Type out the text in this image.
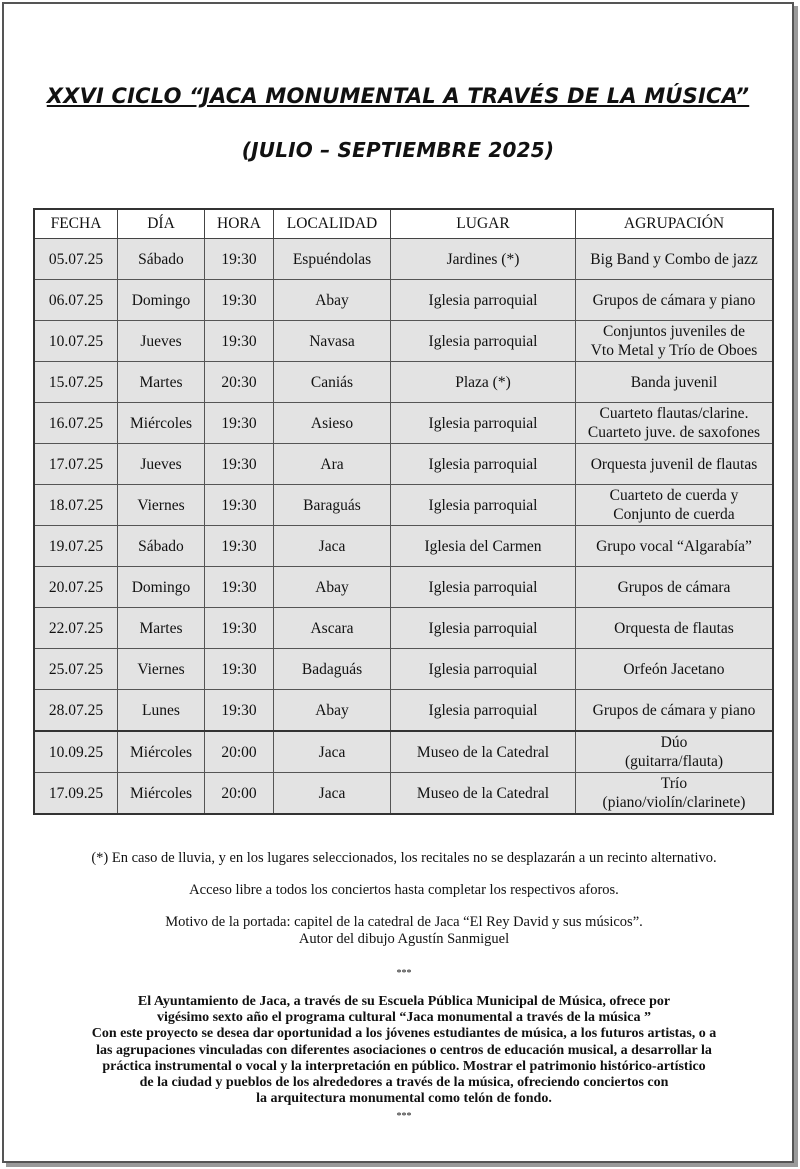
XXVI CICLO “JACA MONUMENTAL A TRAVÉS DE LA MÚSICA”
(JULIO – SEPTIEMBRE 2025)
FECHA	DÍA	HORA	LOCALIDAD	LUGAR	AGRUPACIÓN
05.07.25	Sábado	19:30	Espuéndolas	Jardines (*)	Big Band y Combo de jazz

06.07.25	Domingo	19:30	Abay	Iglesia parroquial	Grupos de cámara y piano

10.07.25	Jueves	19:30	Navasa	Iglesia parroquial	Conjuntos juveniles de
Vto Metal y Trío de Oboes

15.07.25	Martes	20:30	Caniás	Plaza (*)	Banda juvenil

16.07.25	Miércoles	19:30	Asieso	Iglesia parroquial	Cuarteto flautas/clarine.
Cuarteto juve. de saxofones

17.07.25	Jueves	19:30	Ara	Iglesia parroquial	Orquesta juvenil de flautas

18.07.25	Viernes	19:30	Baraguás	Iglesia parroquial	Cuarteto de cuerda y
Conjunto de cuerda

19.07.25	Sábado	19:30	Jaca	Iglesia del Carmen	Grupo vocal “Algarabía”

20.07.25	Domingo	19:30	Abay	Iglesia parroquial	Grupos de cámara

22.07.25	Martes	19:30	Ascara	Iglesia parroquial	Orquesta de flautas

25.07.25	Viernes	19:30	Badaguás	Iglesia parroquial	Orfeón Jacetano

28.07.25	Lunes	19:30	Abay	Iglesia parroquial	Grupos de cámara y piano

10.09.25	Miércoles	20:00	Jaca	Museo de la Catedral	Dúo
(guitarra/flauta)

17.09.25	Miércoles	20:00	Jaca	Museo de la Catedral	Trío
(piano/violín/clarinete)
(*) En caso de lluvia, y en los lugares seleccionados, los recitales no se desplazarán a un recinto alternativo.
Acceso libre a todos los conciertos hasta completar los respectivos aforos.
Motivo de la portada: capitel de la catedral de Jaca “El Rey David y sus músicos”.
Autor del dibujo Agustín Sanmiguel
***
El Ayuntamiento de Jaca, a través de su Escuela Pública Municipal de Música, ofrece por
vigésimo sexto año el programa cultural “Jaca monumental a través de la música ”
Con este proyecto se desea dar oportunidad a los jóvenes estudiantes de música, a los futuros artistas, o a
las agrupaciones vinculadas con diferentes asociaciones o centros de educación musical, a desarrollar la
práctica instrumental o vocal y la interpretación en público. Mostrar el patrimonio histórico-artístico
de la ciudad y pueblos de los alrededores a través de la música, ofreciendo conciertos con
la arquitectura monumental como telón de fondo.
***
